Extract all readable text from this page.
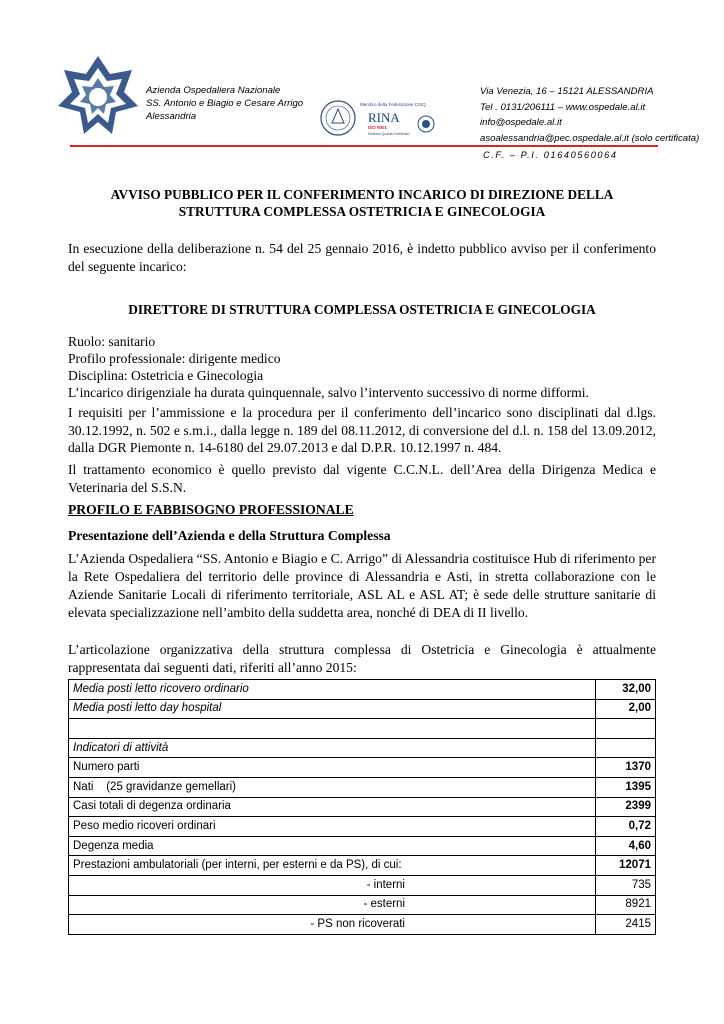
Azienda Ospedaliera Nazionale
SS. Antonio e Biagio e Cesare Arrigo
Alessandria
Membro della Federazione CISQ
RINA
ISO 9001
Sistema Qualità Certificato
Via Venezia, 16 – 15121 ALESSANDRIA
Tel . 0131/206111 – www.ospedale.al.it
info@ospedale.al.it
asoalessandria@pec.ospedale.al.it (solo certificata)
C.F. – P.I. 01640560064
AVVISO PUBBLICO PER IL CONFERIMENTO INCARICO DI DIREZIONE DELLA
STRUTTURA COMPLESSA OSTETRICIA E GINECOLOGIA
In esecuzione della deliberazione n. 54 del 25 gennaio 2016, è indetto pubblico avviso per il conferimento del seguente incarico:
DIRETTORE DI STRUTTURA COMPLESSA OSTETRICIA E GINECOLOGIA
Ruolo: sanitario
Profilo professionale: dirigente medico
Disciplina: Ostetricia e Ginecologia
L’incarico dirigenziale ha durata quinquennale, salvo l’intervento successivo di norme difformi.
I requisiti per l’ammissione e la procedura per il conferimento dell’incarico sono disciplinati dal d.lgs. 30.12.1992, n. 502 e s.m.i., dalla legge n. 189 del 08.11.2012, di conversione del d.l. n. 158 del 13.09.2012, dalla DGR Piemonte n. 14-6180 del 29.07.2013 e dal D.P.R. 10.12.1997 n. 484.
Il trattamento economico è quello previsto dal vigente C.C.N.L. dell’Area della Dirigenza Medica e Veterinaria del S.S.N.
PROFILO E FABBISOGNO PROFESSIONALE
Presentazione dell’Azienda e della Struttura Complessa
L’Azienda Ospedaliera “SS. Antonio e Biagio e C. Arrigo” di Alessandria costituisce Hub di riferimento per la Rete Ospedaliera del territorio delle province di Alessandria e Asti, in stretta collaborazione con le Aziende Sanitarie Locali di riferimento territoriale, ASL AL e ASL AT; è sede delle strutture sanitarie di elevata specializzazione nell’ambito della suddetta area, nonché di DEA di II livello.
L’articolazione organizzativa della struttura complessa di Ostetricia e Ginecologia è attualmente rappresentata dai seguenti dati, riferiti all’anno 2015:
Media posti letto ricovero ordinario	32,00
Media posti letto day hospital	2,00

Indicatori di attività	
Numero parti	1370
Nati    (25 gravidanze gemellari)	1395
Casi totali di degenza ordinaria	2399
Peso medio ricoveri ordinari	0,72
Degenza media	4,60
Prestazioni ambulatoriali (per interni, per esterni e da PS), di cui:	12071
- interni	735
- esterni	8921
- PS non ricoverati	2415
